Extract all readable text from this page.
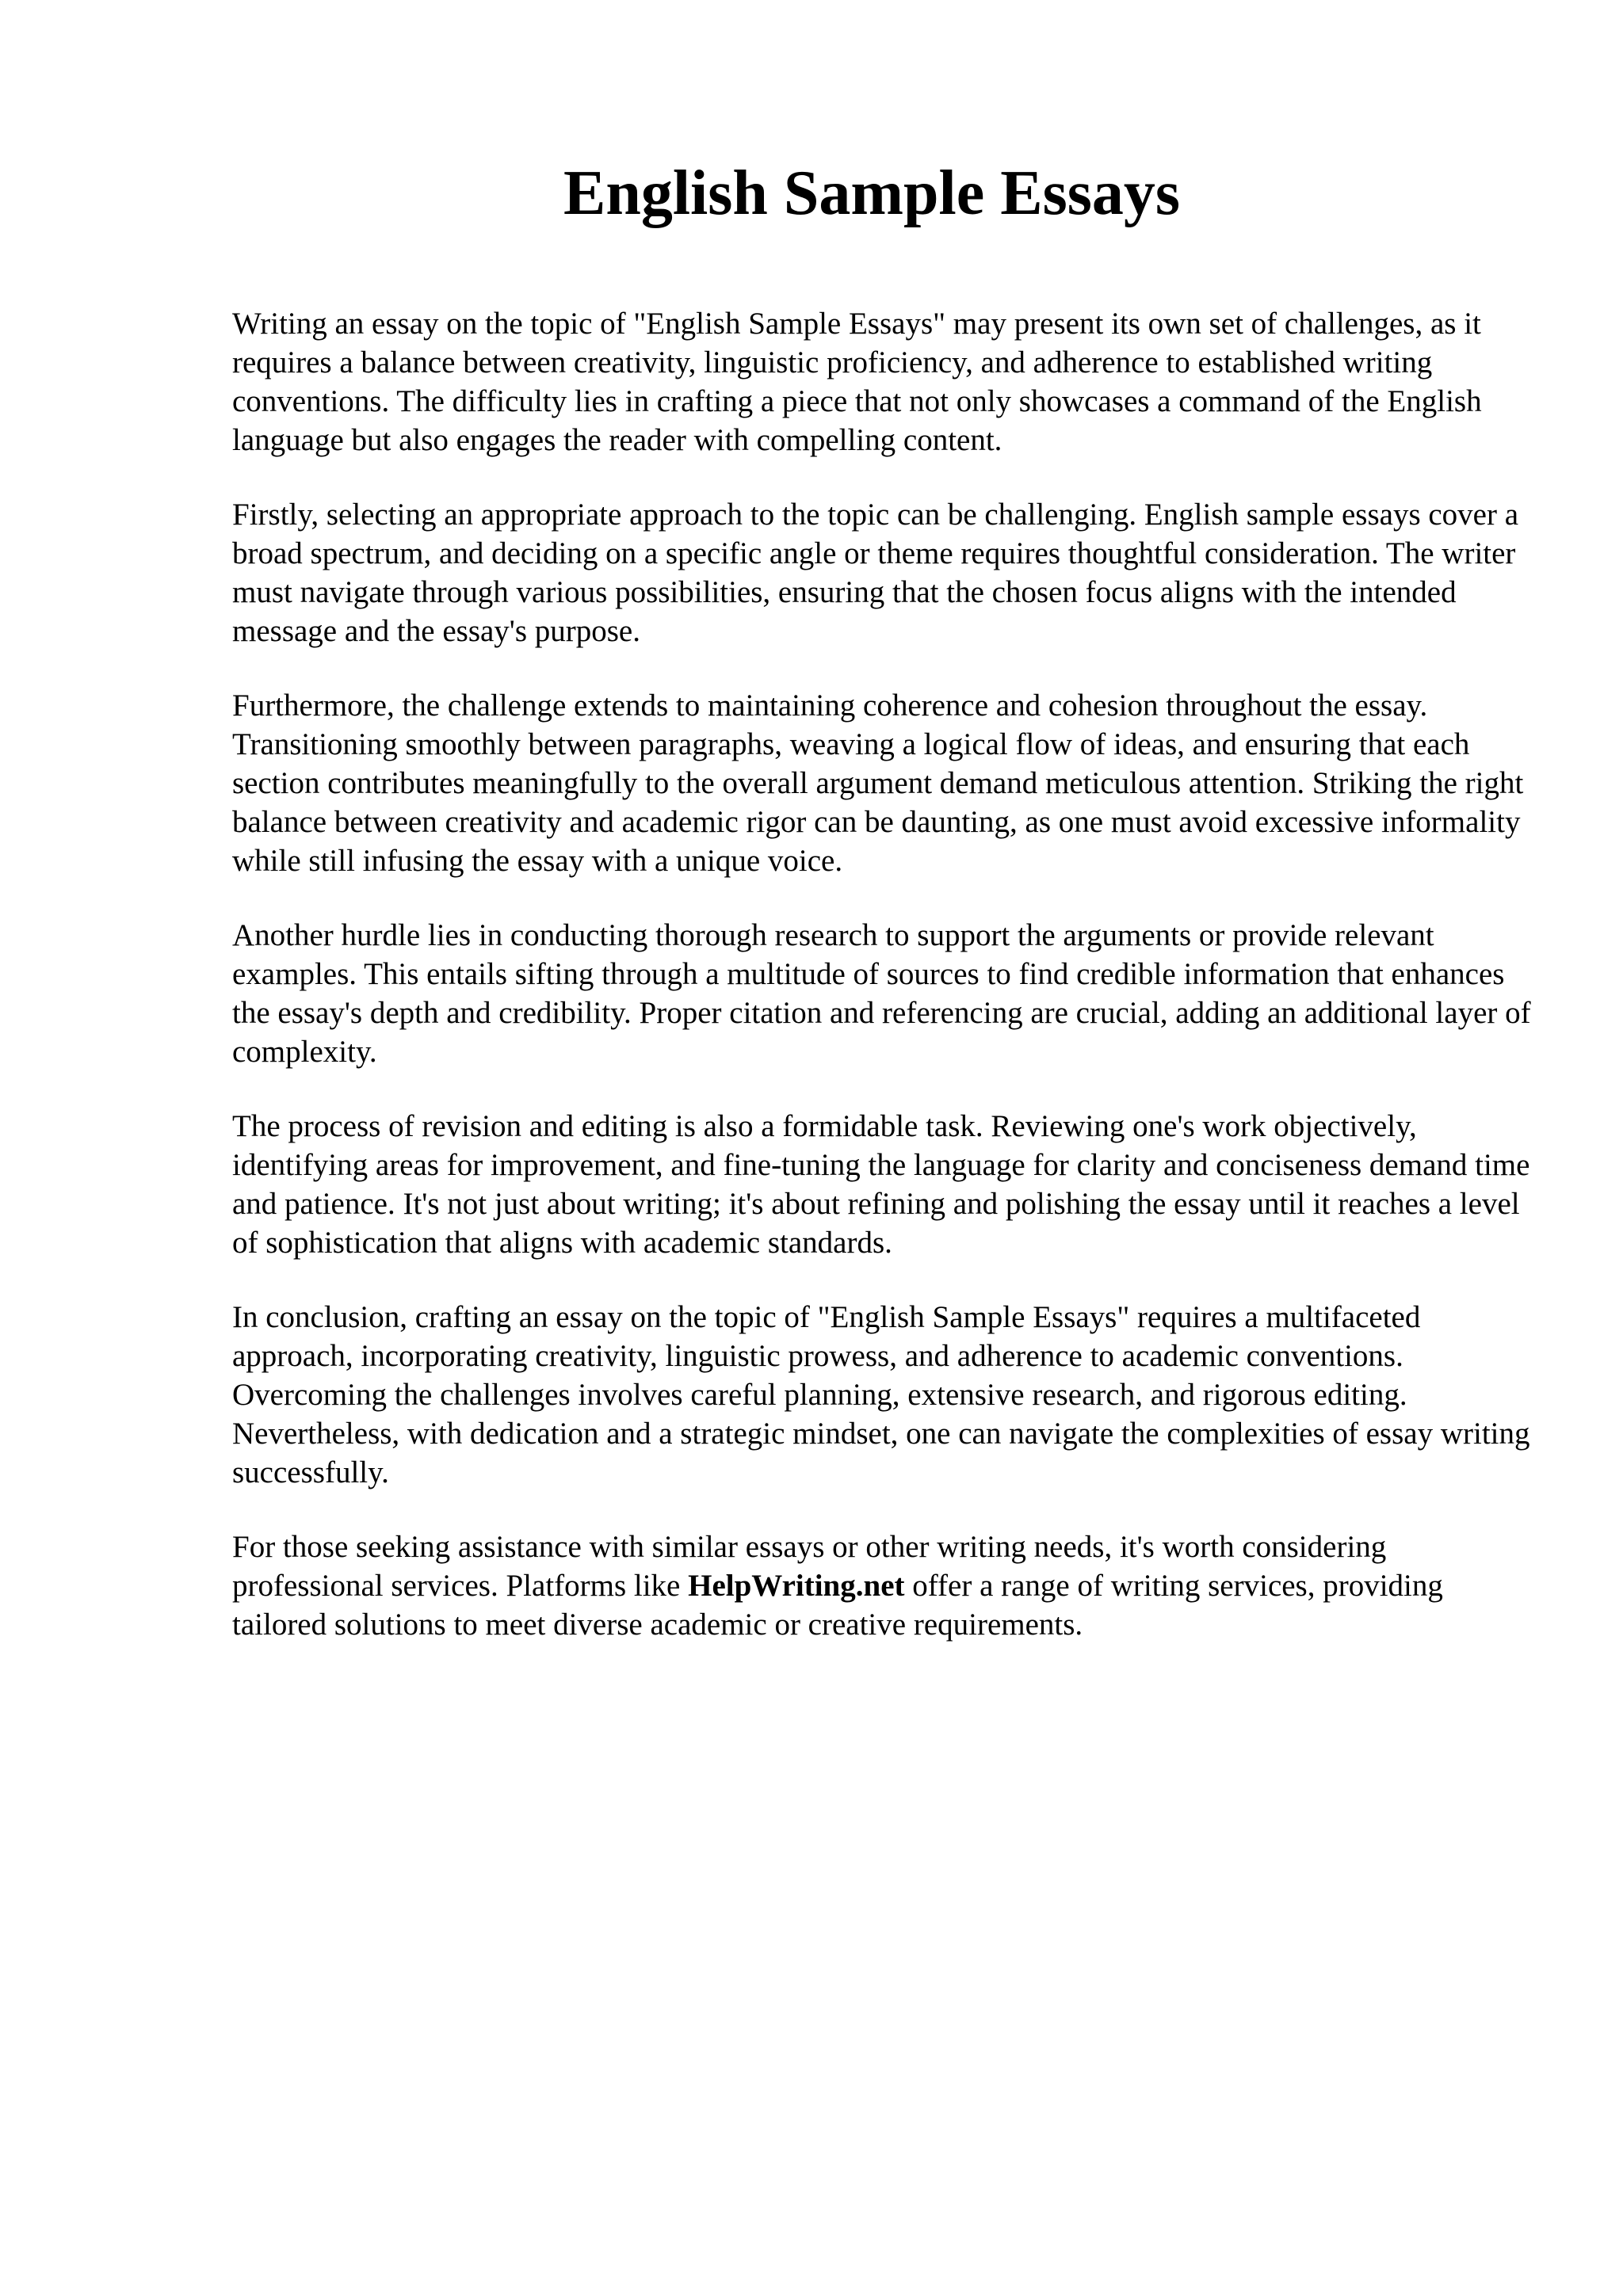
English Sample Essays

Writing an essay on the topic of "English Sample Essays" may present its own set of challenges, as it requires a balance between creativity, linguistic proficiency, and adherence to established writing conventions. The difficulty lies in crafting a piece that not only showcases a command of the English language but also engages the reader with compelling content.

Firstly, selecting an appropriate approach to the topic can be challenging. English sample essays cover a broad spectrum, and deciding on a specific angle or theme requires thoughtful consideration. The writer must navigate through various possibilities, ensuring that the chosen focus aligns with the intended message and the essay's purpose.

Furthermore, the challenge extends to maintaining coherence and cohesion throughout the essay. Transitioning smoothly between paragraphs, weaving a logical flow of ideas, and ensuring that each section contributes meaningfully to the overall argument demand meticulous attention. Striking the right balance between creativity and academic rigor can be daunting, as one must avoid excessive informality while still infusing the essay with a unique voice.

Another hurdle lies in conducting thorough research to support the arguments or provide relevant examples. This entails sifting through a multitude of sources to find credible information that enhances the essay's depth and credibility. Proper citation and referencing are crucial, adding an additional layer of complexity.

The process of revision and editing is also a formidable task. Reviewing one's work objectively, identifying areas for improvement, and fine-tuning the language for clarity and conciseness demand time and patience. It's not just about writing; it's about refining and polishing the essay until it reaches a level of sophistication that aligns with academic standards.

In conclusion, crafting an essay on the topic of "English Sample Essays" requires a multifaceted approach, incorporating creativity, linguistic prowess, and adherence to academic conventions. Overcoming the challenges involves careful planning, extensive research, and rigorous editing. Nevertheless, with dedication and a strategic mindset, one can navigate the complexities of essay writing successfully.

For those seeking assistance with similar essays or other writing needs, it's worth considering professional services. Platforms like HelpWriting.net offer a range of writing services, providing tailored solutions to meet diverse academic or creative requirements.
